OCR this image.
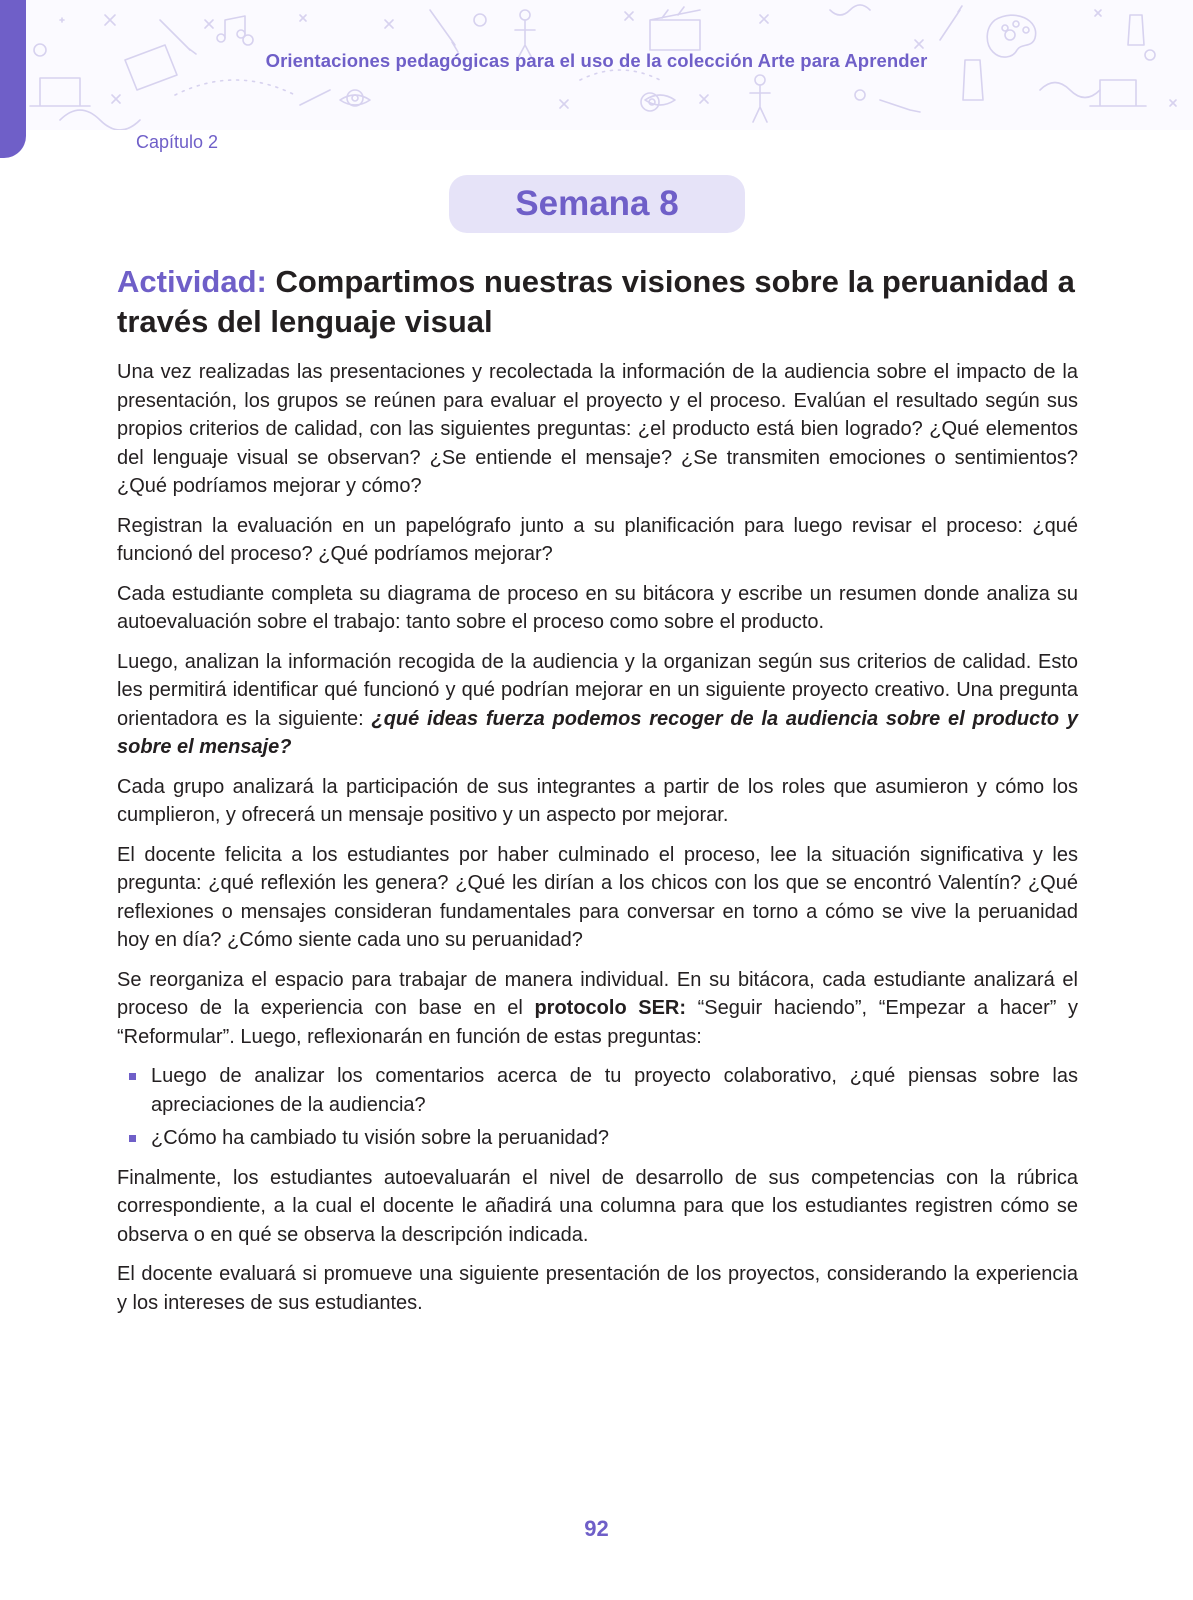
Orientaciones pedagógicas para el uso de la colección Arte para Aprender
Capítulo 2
Semana 8
Actividad: Compartimos nuestras visiones sobre la peruanidad a través del lenguaje visual

Una vez realizadas las presentaciones y recolectada la información de la audiencia sobre el impacto de la presentación, los grupos se reúnen para evaluar el proyecto y el proceso. Evalúan el resultado según sus propios criterios de calidad, con las siguientes preguntas: ¿el producto está bien logrado? ¿Qué elementos del lenguaje visual se observan? ¿Se entiende el mensaje? ¿Se transmiten emociones o sentimientos? ¿Qué podríamos mejorar y cómo?

Registran la evaluación en un papelógrafo junto a su planificación para luego revisar el proceso: ¿qué funcionó del proceso? ¿Qué podríamos mejorar?

Cada estudiante completa su diagrama de proceso en su bitácora y escribe un resumen donde analiza su autoevaluación sobre el trabajo: tanto sobre el proceso como sobre el producto.

Luego, analizan la información recogida de la audiencia y la organizan según sus criterios de calidad. Esto les permitirá identificar qué funcionó y qué podrían mejorar en un siguiente proyecto creativo. Una pregunta orientadora es la siguiente: ¿qué ideas fuerza podemos recoger de la audiencia sobre el producto y sobre el mensaje?

Cada grupo analizará la participación de sus integrantes a partir de los roles que asumieron y cómo los cumplieron, y ofrecerá un mensaje positivo y un aspecto por mejorar.

El docente felicita a los estudiantes por haber culminado el proceso, lee la situación significativa y les pregunta: ¿qué reflexión les genera? ¿Qué les dirían a los chicos con los que se encontró Valentín? ¿Qué reflexiones o mensajes consideran fundamentales para conversar en torno a cómo se vive la peruanidad hoy en día? ¿Cómo siente cada uno su peruanidad?

Se reorganiza el espacio para trabajar de manera individual. En su bitácora, cada estudiante analizará el proceso de la experiencia con base en el protocolo SER: “Seguir haciendo”, “Empezar a hacer” y “Reformular”. Luego, reflexionarán en función de estas preguntas:

Luego de analizar los comentarios acerca de tu proyecto colaborativo, ¿qué piensas sobre las apreciaciones de la audiencia?
¿Cómo ha cambiado tu visión sobre la peruanidad?

Finalmente, los estudiantes autoevaluarán el nivel de desarrollo de sus competencias con la rúbrica correspondiente, a la cual el docente le añadirá una columna para que los estudiantes registren cómo se observa o en qué se observa la descripción indicada.

El docente evaluará si promueve una siguiente presentación de los proyectos, considerando la experiencia y los intereses de sus estudiantes.

92
